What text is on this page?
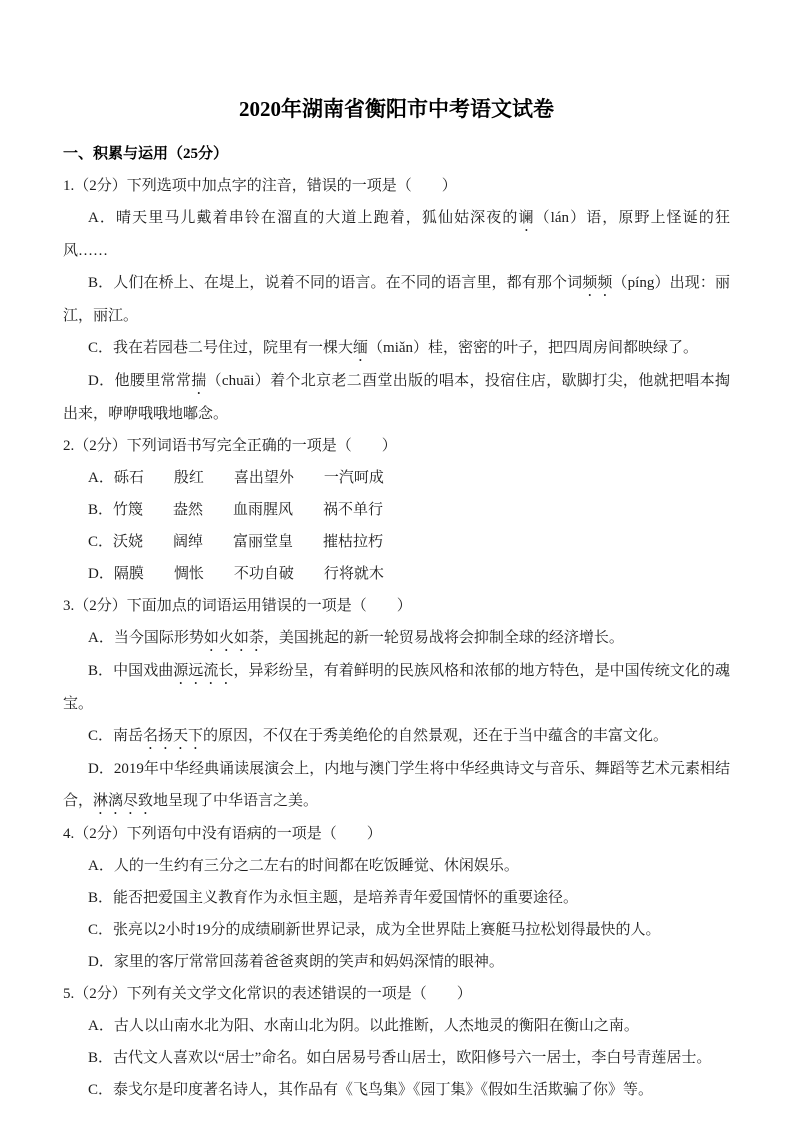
2020年湖南省衡阳市中考语文试卷

一、积累与运用（25分）

1.（2分）下列选项中加点字的注音，错误的一项是（　　）

A．晴天里马儿戴着串铃在溜直的大道上跑着，狐仙姑深夜的谰（lán）语，原野上怪诞的狂风……

B．人们在桥上、在堤上，说着不同的语言。在不同的语言里，都有那个词频频（píng）出现：丽江，丽江。

C．我在若园巷二号住过，院里有一棵大缅（miǎn）桂，密密的叶子，把四周房间都映绿了。

D．他腰里常常揣（chuāi）着个北京老二酉堂出版的唱本，投宿住店，歇脚打尖，他就把唱本掏出来，咿咿哦哦地嘟念。

2.（2分）下列词语书写完全正确的一项是（　　）

A．砾石　　殷红　　喜出望外　　一汽呵成

B．竹篾　　盎然　　血雨腥风　　祸不单行

C．沃娆　　阔绰　　富丽堂皇　　摧枯拉朽

D．隔膜　　惆怅　　不功自破　　行将就木

3.（2分）下面加点的词语运用错误的一项是（　　）

A．当今国际形势如火如荼，美国挑起的新一轮贸易战将会抑制全球的经济增长。

B．中国戏曲源远流长，异彩纷呈，有着鲜明的民族风格和浓郁的地方特色，是中国传统文化的魂宝。

C．南岳名扬天下的原因，不仅在于秀美绝伦的自然景观，还在于当中蕴含的丰富文化。

D．2019年中华经典诵读展演会上，内地与澳门学生将中华经典诗文与音乐、舞蹈等艺术元素相结合，淋漓尽致地呈现了中华语言之美。

4.（2分）下列语句中没有语病的一项是（　　）

A．人的一生约有三分之二左右的时间都在吃饭睡觉、休闲娱乐。

B．能否把爱国主义教育作为永恒主题，是培养青年爱国情怀的重要途径。

C．张亮以2小时19分的成绩刷新世界记录，成为全世界陆上赛艇马拉松划得最快的人。

D．家里的客厅常常回荡着爸爸爽朗的笑声和妈妈深情的眼神。

5.（2分）下列有关文学文化常识的表述错误的一项是（　　）

A．古人以山南水北为阳、水南山北为阴。以此推断，人杰地灵的衡阳在衡山之南。

B．古代文人喜欢以“居士”命名。如白居易号香山居士，欧阳修号六一居士，李白号青莲居士。

C．泰戈尔是印度著名诗人，其作品有《飞鸟集》《园丁集》《假如生活欺骗了你》等。
